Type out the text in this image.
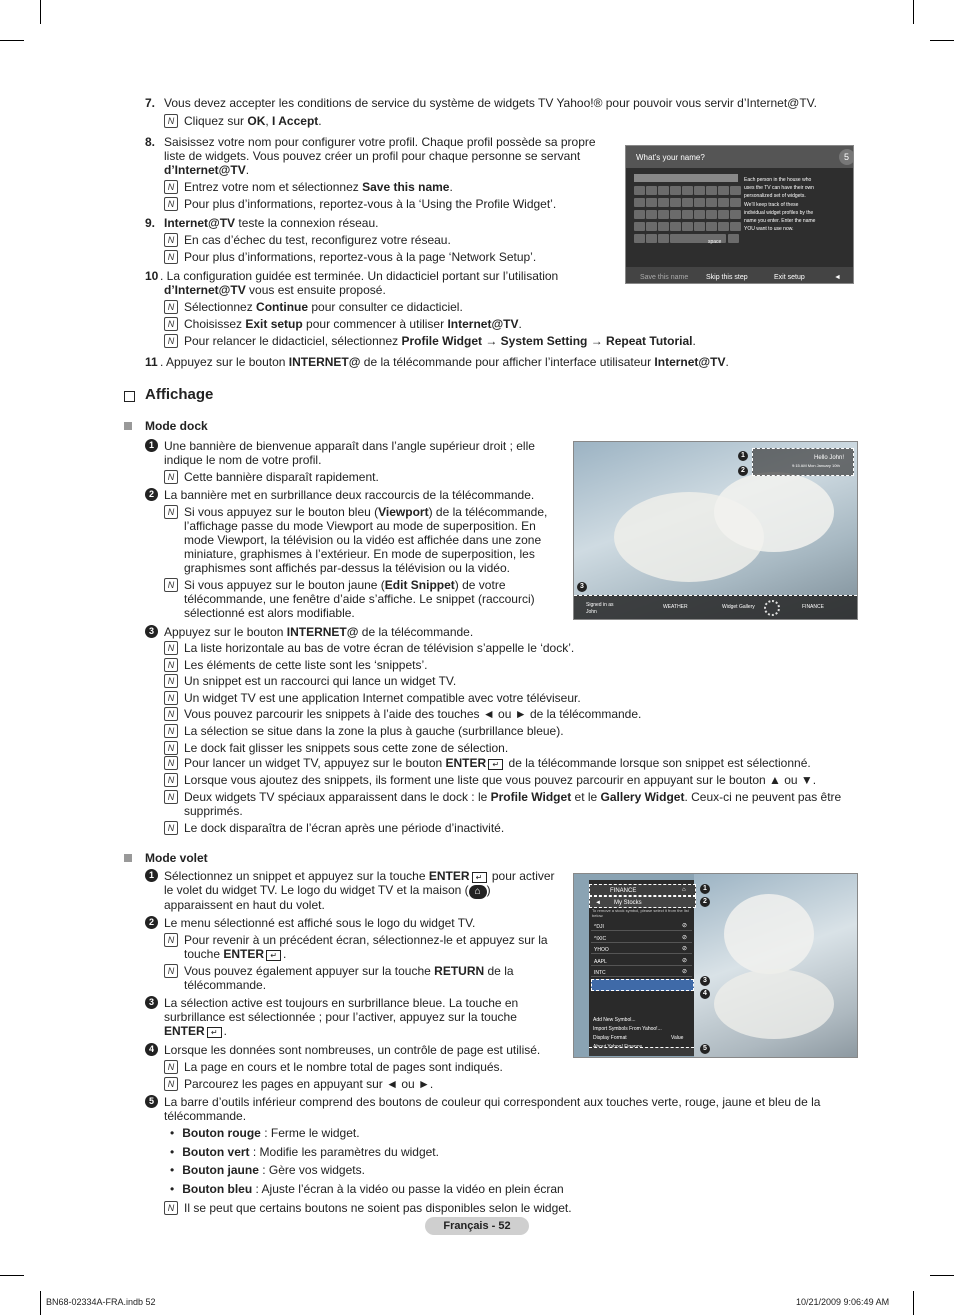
7. Vous devez accepter les conditions de service du système de widgets TV Yahoo!® pour pouvoir vous servir d’Internet@TV.
N Cliquez sur OK, I Accept.
8. Saisissez votre nom pour configurer votre profil. Chaque profil possède sa propre
liste de widgets. Vous pouvez créer un profil pour chaque personne se servant
d’Internet@TV.
N Entrez votre nom et sélectionnez Save this name.
N Pour plus d’informations, reportez-vous à la ‘Using the Profile Widget’.
9. Internet@TV teste la connexion réseau.
N En cas d’échec du test, reconfigurez votre réseau.
N Pour plus d’informations, reportez-vous à la page ‘Network Setup’.
10 . La configuration guidée est terminée. Un didacticiel portant sur l’utilisation
d’Internet@TV vous est ensuite proposé.
N Sélectionnez Continue pour consulter ce didacticiel.
N Choisissez Exit setup pour commencer à utiliser Internet@TV.
N Pour relancer le didacticiel, sélectionnez Profile Widget → System Setting → Repeat Tutorial.
11 . Appuyez sur le bouton INTERNET@ de la télécommande pour afficher l’interface utilisateur Internet@TV.
What’s your name?	5
space
Each person in the house who
uses the TV can have their own
personalized set of widgets.
We’ll keep track of these
individual widget profiles by the
name you enter. Enter the name
YOU want to use now.
Save this name	Skip this step	Exit setup	◄
Affichage
Mode dock
1 Une bannière de bienvenue apparaît dans l’angle supérieur droit ; elle
indique le nom de votre profil.
N Cette bannière disparaît rapidement.
2 La bannière met en surbrillance deux raccourcis de la télécommande.
N Si vous appuyez sur le bouton bleu (Viewport) de la télécommande,
l’affichage passe du mode Viewport au mode de superposition. En
mode Viewport, la télévision ou la vidéo est affichée dans une zone
miniature, graphismes à l’extérieur. En mode de superposition, les
graphismes sont affichés par-dessus la télévision ou la vidéo.
N Si vous appuyez sur le bouton jaune (Edit Snippet) de votre
télécommande, une fenêtre d’aide s’affiche. Le snippet (raccourci)
sélectionné est alors modifiable.
3 Appuyez sur le bouton INTERNET@ de la télécommande.
N La liste horizontale au bas de votre écran de télévision s’appelle le ‘dock’.
N Les éléments de cette liste sont les ‘snippets’.
N Un snippet est un raccourci qui lance un widget TV.
N Un widget TV est une application Internet compatible avec votre téléviseur.
N Vous pouvez parcourir les snippets à l’aide des touches ◄ ou ► de la télécommande.
N La sélection se situe dans la zone la plus à gauche (surbrillance bleue).
N Le dock fait glisser les snippets sous cette zone de sélection.
N Pour lancer un widget TV, appuyez sur le bouton ENTER ↵ de la télécommande lorsque son snippet est sélectionné.
N Lorsque vous ajoutez des snippets, ils forment une liste que vous pouvez parcourir en appuyant sur le bouton ▲ ou ▼.
N Deux widgets TV spéciaux apparaissent dans le dock : le Profile Widget et le Gallery Widget. Ceux-ci ne peuvent pas être
supprimés.
N Le dock disparaîtra de l’écran après une période d’inactivité.
Hello John!
9:15 AM Mon January 10th
1
2
3
Signed in as
John
WEATHER	Widget Gallery	FINANCE
Mode volet
1 Sélectionnez un snippet et appuyez sur la touche ENTER ↵ pour activer
le volet du widget TV. Le logo du widget TV et la maison ( ⌂ )
apparaissent en haut du volet.
2 Le menu sélectionné est affiché sous le logo du widget TV.
N Pour revenir à un précédent écran, sélectionnez-le et appuyez sur la
touche ENTER ↵ .
N Vous pouvez également appuyer sur la touche RETURN de la
télécommande.
3 La sélection active est toujours en surbrillance bleue. La touche en
surbrillance est sélectionnée ; pour l’activer, appuyez sur la touche
ENTER ↵ .
4 Lorsque les données sont nombreuses, un contrôle de page est utilisé.
N La page en cours et le nombre total de pages sont indiqués.
N Parcourez les pages en appuyant sur ◄ ou ►.
5 La barre d’outils inférieur comprend des boutons de couleur qui correspondent aux touches verte, rouge, jaune et bleu de la
télécommande.
• Bouton rouge : Ferme le widget.
• Bouton vert : Modifie les paramètres du widget.
• Bouton jaune : Gère vos widgets.
• Bouton bleu : Ajuste l’écran à la vidéo ou passe la vidéo en plein écran
N Il se peut que certains boutons ne soient pas disponibles selon le widget.
FINANCE	⌂
◄ My Stocks
To remove a stock symbol, please select it from the list below.
^DJI	⊘
^IXIC	⊘
YHOO	⊘
AAPL	⊘
INTC	⊘
Add New Symbol...
Import Symbols From Yahoo!...
Display Format	Value
1
2
3
4
5
Français - 52
BN68-02334A-FRA.indb 52	10/21/2009 9:06:49 AM
